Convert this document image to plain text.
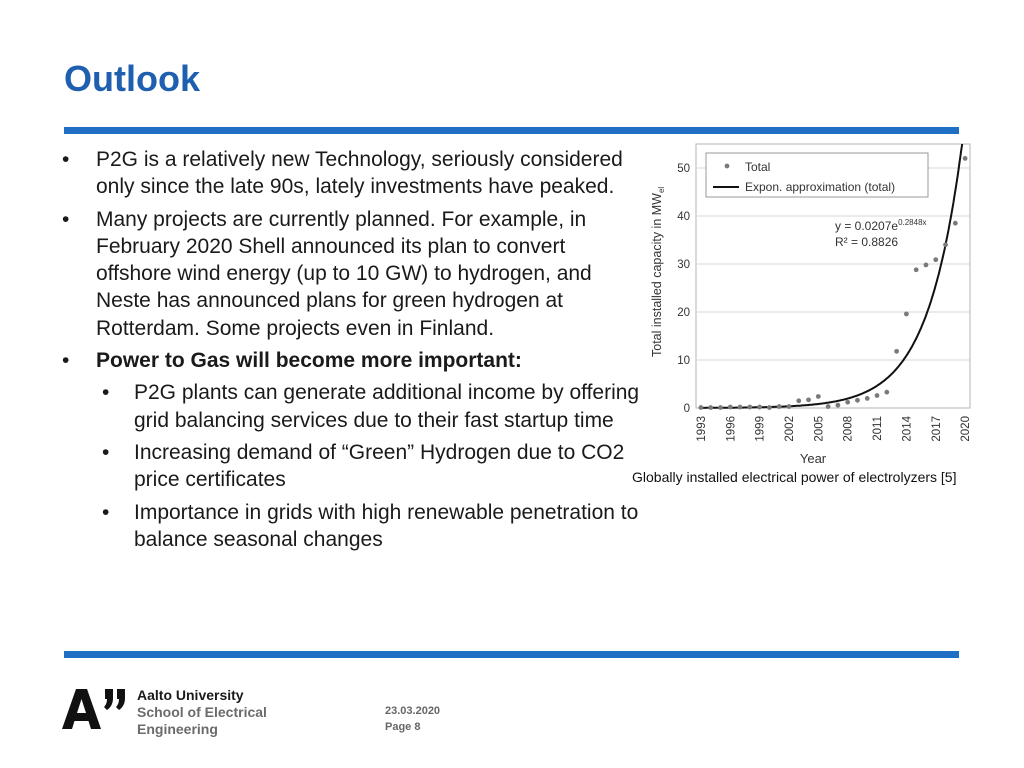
Outlook
• P2G is a relatively new Technology, seriously considered only since the late 90s, lately investments have peaked.
• Many projects are currently planned. For example, in February 2020 Shell announced its plan to convert offshore wind energy (up to 10 GW) to hydrogen, and Neste has announced plans for green hydrogen at Rotterdam. Some projects even in Finland.
• Power to Gas will become more important:
• P2G plants can generate additional income by offering grid balancing services due to their fast startup time
• Increasing demand of “Green” Hydrogen due to CO2 price certificates
• Importance in grids with high renewable penetration to balance seasonal changes
0
10
20
30
40
50
1993 1996 1999 2002 2005 2008 2011 2014 2017 2020
Total
Expon. approximation (total)
$y = 0.0207e^{0.2848x}$
R² = 0.8826
Total installed capacity in $MW_{el}$
Year
Globally installed electrical power of electrolyzers [5]
Aalto University
School of Electrical
Engineering
23.03.2020
Page 8
